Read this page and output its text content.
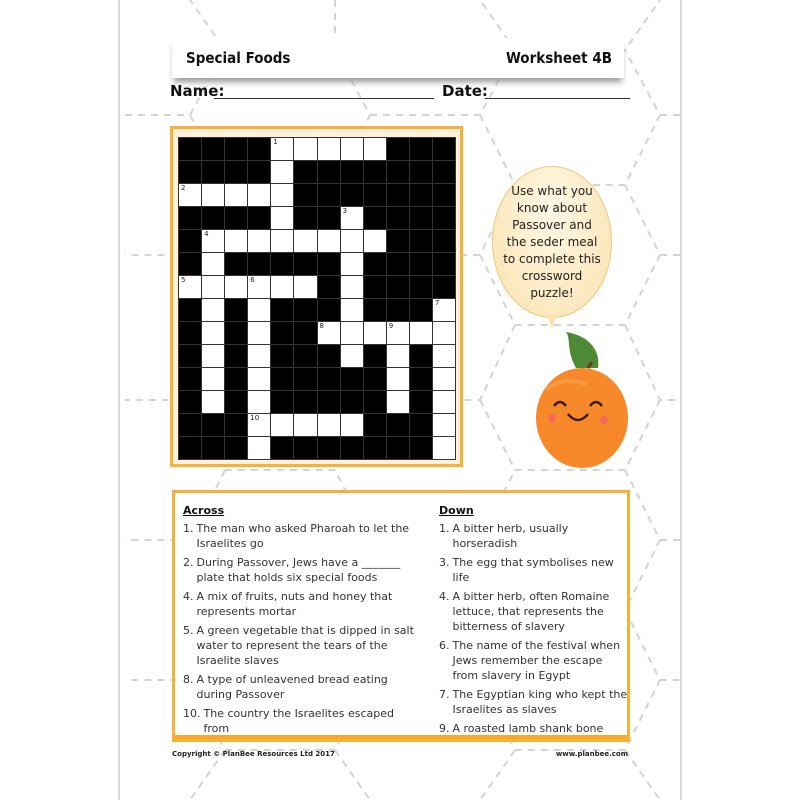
Special Foods	Worksheet 4B
Name:	Date:
1
2
3
4
5	6
7
8	9
10
Use what you know about Passover and the seder meal to complete this crossword puzzle!
Across
1. The man who asked Pharoah to let the Israelites go
2. During Passover, Jews have a _______ plate that holds six special foods
4. A mix of fruits, nuts and honey that represents mortar
5. A green vegetable that is dipped in salt water to represent the tears of the Israelite slaves
8. A type of unleavened bread eating during Passover
10. The country the Israelites escaped from
Down
1. A bitter herb, usually horseradish
3. The egg that symbolises new life
4. A bitter herb, often Romaine lettuce, that represents the bitterness of slavery
6. The name of the festival when Jews remember the escape from slavery in Egypt
7. The Egyptian king who kept the Israelites as slaves
9. A roasted lamb shank bone
Copyright © PlanBee Resources Ltd 2017	www.planbee.com
